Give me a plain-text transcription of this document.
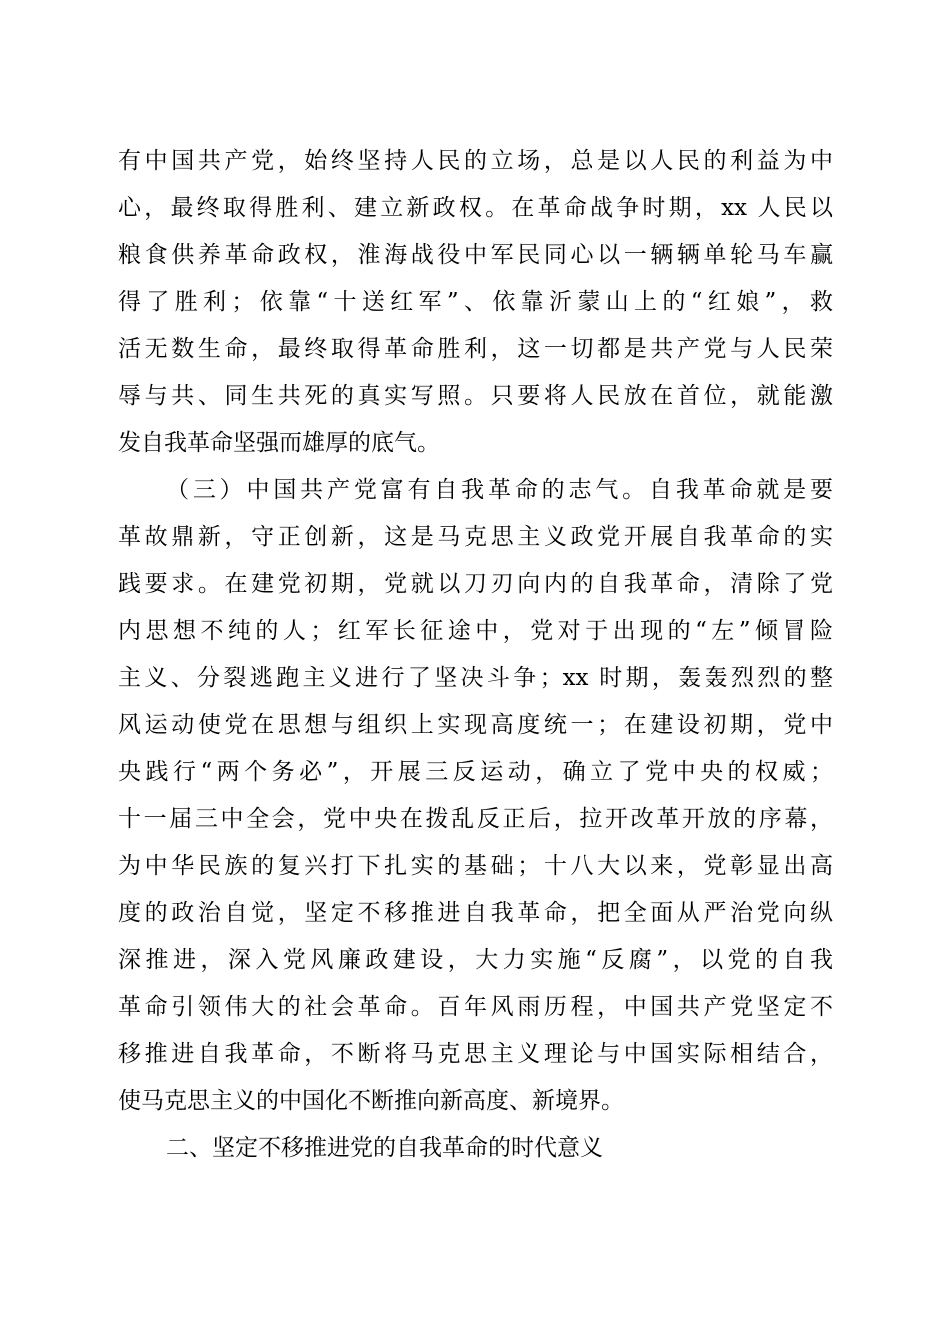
有中国共产党，始终坚持人民的立场，总是以人民的利益为中
心，最终取得胜利、建立新政权。在革命战争时期，xx 人民以
粮食供养革命政权，淮海战役中军民同心以一辆辆单轮马车赢
得了胜利；依靠“十送红军”、依靠沂蒙山上的“红娘”，救
活无数生命，最终取得革命胜利，这一切都是共产党与人民荣
辱与共、同生共死的真实写照。只要将人民放在首位，就能激
发自我革命坚强而雄厚的底气。
（三）中国共产党富有自我革命的志气。自我革命就是要
革故鼎新，守正创新，这是马克思主义政党开展自我革命的实
践要求。在建党初期，党就以刀刃向内的自我革命，清除了党
内思想不纯的人；红军长征途中，党对于出现的“左”倾冒险
主义、分裂逃跑主义进行了坚决斗争；xx 时期，轰轰烈烈的整
风运动使党在思想与组织上实现高度统一；在建设初期，党中
央践行“两个务必”，开展三反运动，确立了党中央的权威；
十一届三中全会，党中央在拨乱反正后，拉开改革开放的序幕，
为中华民族的复兴打下扎实的基础；十八大以来，党彰显出高
度的政治自觉，坚定不移推进自我革命，把全面从严治党向纵
深推进，深入党风廉政建设，大力实施“反腐”，以党的自我
革命引领伟大的社会革命。百年风雨历程，中国共产党坚定不
移推进自我革命，不断将马克思主义理论与中国实际相结合，
使马克思主义的中国化不断推向新高度、新境界。
二、坚定不移推进党的自我革命的时代意义
